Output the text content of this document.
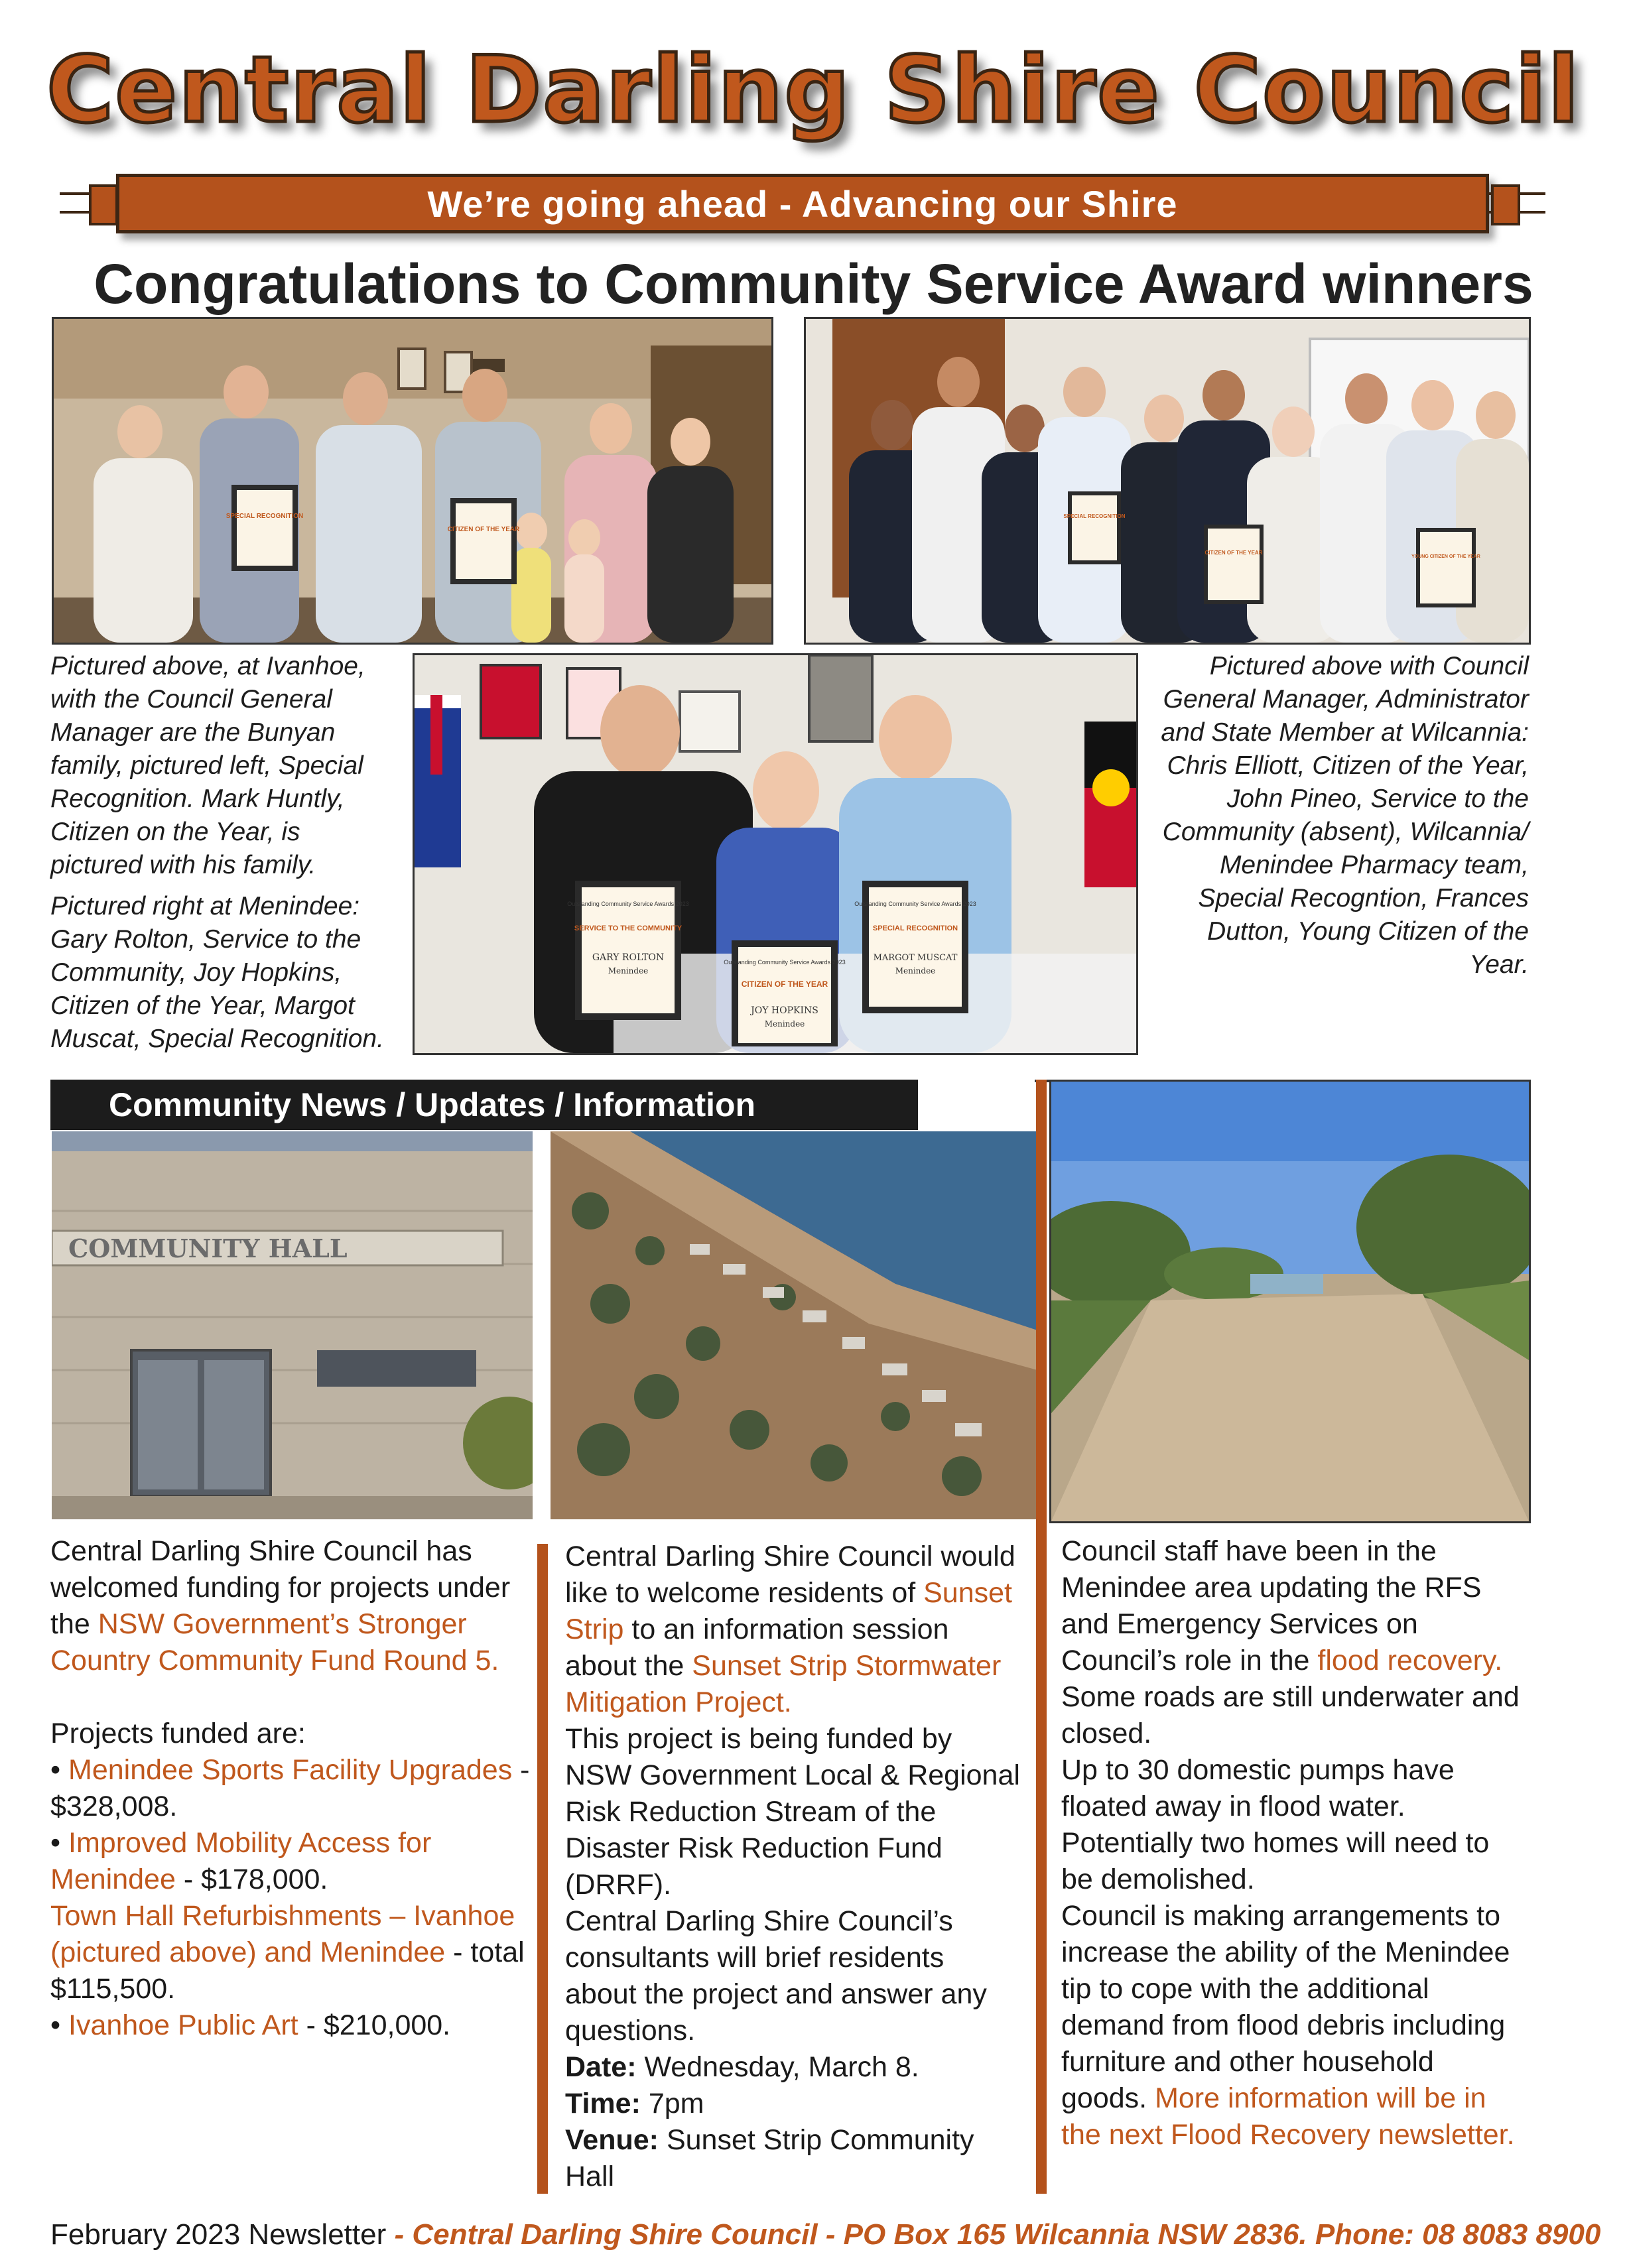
Central Darling Shire Council
We’re going ahead - Advancing our Shire
Congratulations to Community Service Award winners
SPECIAL RECOGNITION
CITIZEN OF THE YEAR
SPECIAL RECOGNITION
CITIZEN OF THE YEAR
YOUNG CITIZEN OF THE YEAR

Pictured above, at Ivanhoe, with the Council General Manager are the Bunyan family, pictured left, Special Recognition. Mark Huntly, Citizen on the Year, is pictured with his family.

Pictured right at Menindee: Gary Rolton, Service to the Community, Joy Hopkins, Citizen of the Year, Margot Muscat, Special Recognition.

Outstanding Community Service Awards 2023
SERVICE TO THE COMMUNITY
GARY ROLTON
Menindee
Outstanding Community Service Awards 2023
CITIZEN OF THE YEAR
JOY HOPKINS
Menindee
Outstanding Community Service Awards 2023
SPECIAL RECOGNITION
MARGOT MUSCAT
Menindee

Pictured above with Council General Manager, Administrator and State Member at Wilcannia: Chris Elliott, Citizen of the Year, John Pineo, Service to the Community (absent), Wilcannia/ Menindee Pharmacy team, Special Recogntion, Frances Dutton, Young Citizen of the Year.

Community News / Updates / Information
COMMUNITY HALL

Central Darling Shire Council has welcomed funding for projects under the NSW Government’s Stronger Country Community Fund Round 5.

Projects funded are:

• Menindee Sports Facility Upgrades - $328,008.

• Improved Mobility Access for Menindee - $178,000.

Town Hall Refurbishments – Ivanhoe (pictured above) and Menindee - total $115,500.

• Ivanhoe Public Art - $210,000.

Central Darling Shire Council would like to welcome residents of Sunset Strip to an information session about the Sunset Strip Stormwater Mitigation Project.

This project is being funded by NSW Government Local & Regional Risk Reduction Stream of the Disaster Risk Reduction Fund (DRRF).

Central Darling Shire Council’s consultants will brief residents about the project and answer any questions.

Date: Wednesday, March 8.

Time: 7pm

Venue: Sunset Strip Community Hall

Council staff have been in the Menindee area updating the RFS and Emergency Services on Council’s role in the flood recovery. Some roads are still underwater and closed.

Up to 30 domestic pumps have floated away in flood water. Potentially two homes will need to be demolished.

Council is making arrangements to increase the ability of the Menindee tip to cope with the additional demand from flood debris including furniture and other household goods. More information will be in the next Flood Recovery newsletter.

February 2023 Newsletter - Central Darling Shire Council - PO Box 165 Wilcannia NSW 2836. Phone: 08 8083 8900
